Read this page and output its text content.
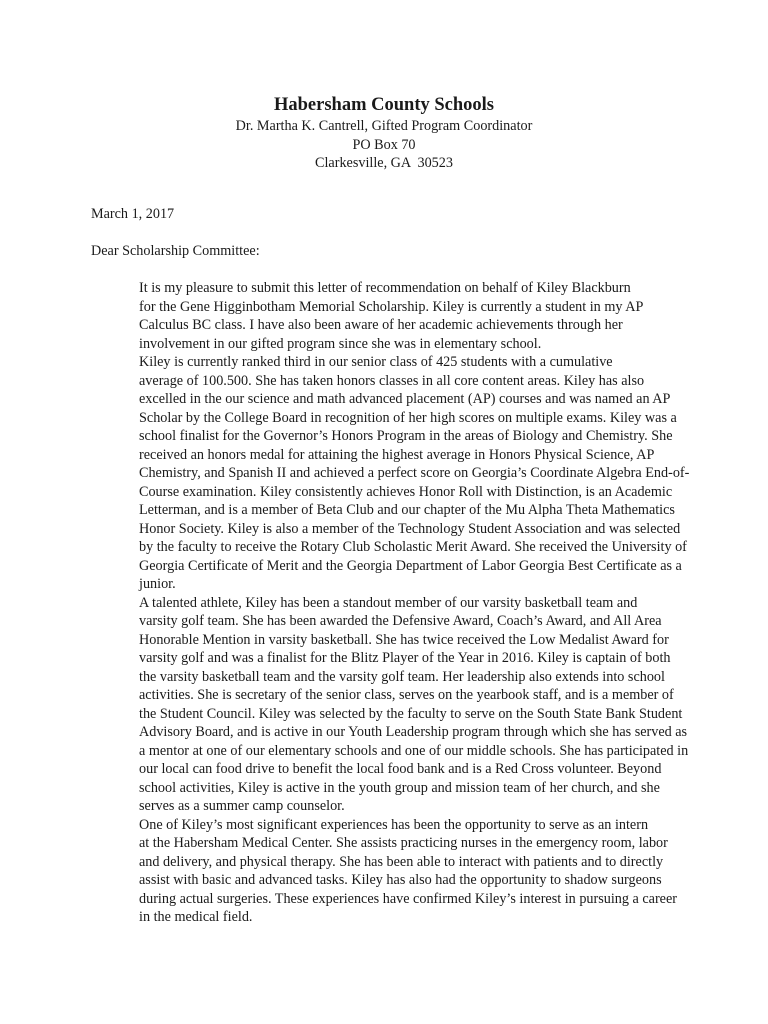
Habersham County Schools

Dr. Martha K. Cantrell, Gifted Program Coordinator

PO Box 70

Clarkesville, GA  30523

March 1, 2017
Dear Scholarship Committee:

It is my pleasure to submit this letter of recommendation on behalf of Kiley Blackburn
for the Gene Higginbotham Memorial Scholarship. Kiley is currently a student in my AP
Calculus BC class. I have also been aware of her academic achievements through her
involvement in our gifted program since she was in elementary school.

Kiley is currently ranked third in our senior class of 425 students with a cumulative
average of 100.500. She has taken honors classes in all core content areas. Kiley has also
excelled in the our science and math advanced placement (AP) courses and was named an AP
Scholar by the College Board in recognition of her high scores on multiple exams. Kiley was a
school finalist for the Governor’s Honors Program in the areas of Biology and Chemistry. She
received an honors medal for attaining the highest average in Honors Physical Science, AP
Chemistry, and Spanish II and achieved a perfect score on Georgia’s Coordinate Algebra End-of-
Course examination. Kiley consistently achieves Honor Roll with Distinction, is an Academic
Letterman, and is a member of Beta Club and our chapter of the Mu Alpha Theta Mathematics
Honor Society. Kiley is also a member of the Technology Student Association and was selected
by the faculty to receive the Rotary Club Scholastic Merit Award. She received the University of
Georgia Certificate of Merit and the Georgia Department of Labor Georgia Best Certificate as a
junior.

A talented athlete, Kiley has been a standout member of our varsity basketball team and
varsity golf team. She has been awarded the Defensive Award, Coach’s Award, and All Area
Honorable Mention in varsity basketball. She has twice received the Low Medalist Award for
varsity golf and was a finalist for the Blitz Player of the Year in 2016. Kiley is captain of both
the varsity basketball team and the varsity golf team. Her leadership also extends into school
activities. She is secretary of the senior class, serves on the yearbook staff, and is a member of
the Student Council. Kiley was selected by the faculty to serve on the South State Bank Student
Advisory Board, and is active in our Youth Leadership program through which she has served as
a mentor at one of our elementary schools and one of our middle schools. She has participated in
our local can food drive to benefit the local food bank and is a Red Cross volunteer. Beyond
school activities, Kiley is active in the youth group and mission team of her church, and she
serves as a summer camp counselor.

One of Kiley’s most significant experiences has been the opportunity to serve as an intern
at the Habersham Medical Center. She assists practicing nurses in the emergency room, labor
and delivery, and physical therapy. She has been able to interact with patients and to directly
assist with basic and advanced tasks. Kiley has also had the opportunity to shadow surgeons
during actual surgeries. These experiences have confirmed Kiley’s interest in pursuing a career
in the medical field.
